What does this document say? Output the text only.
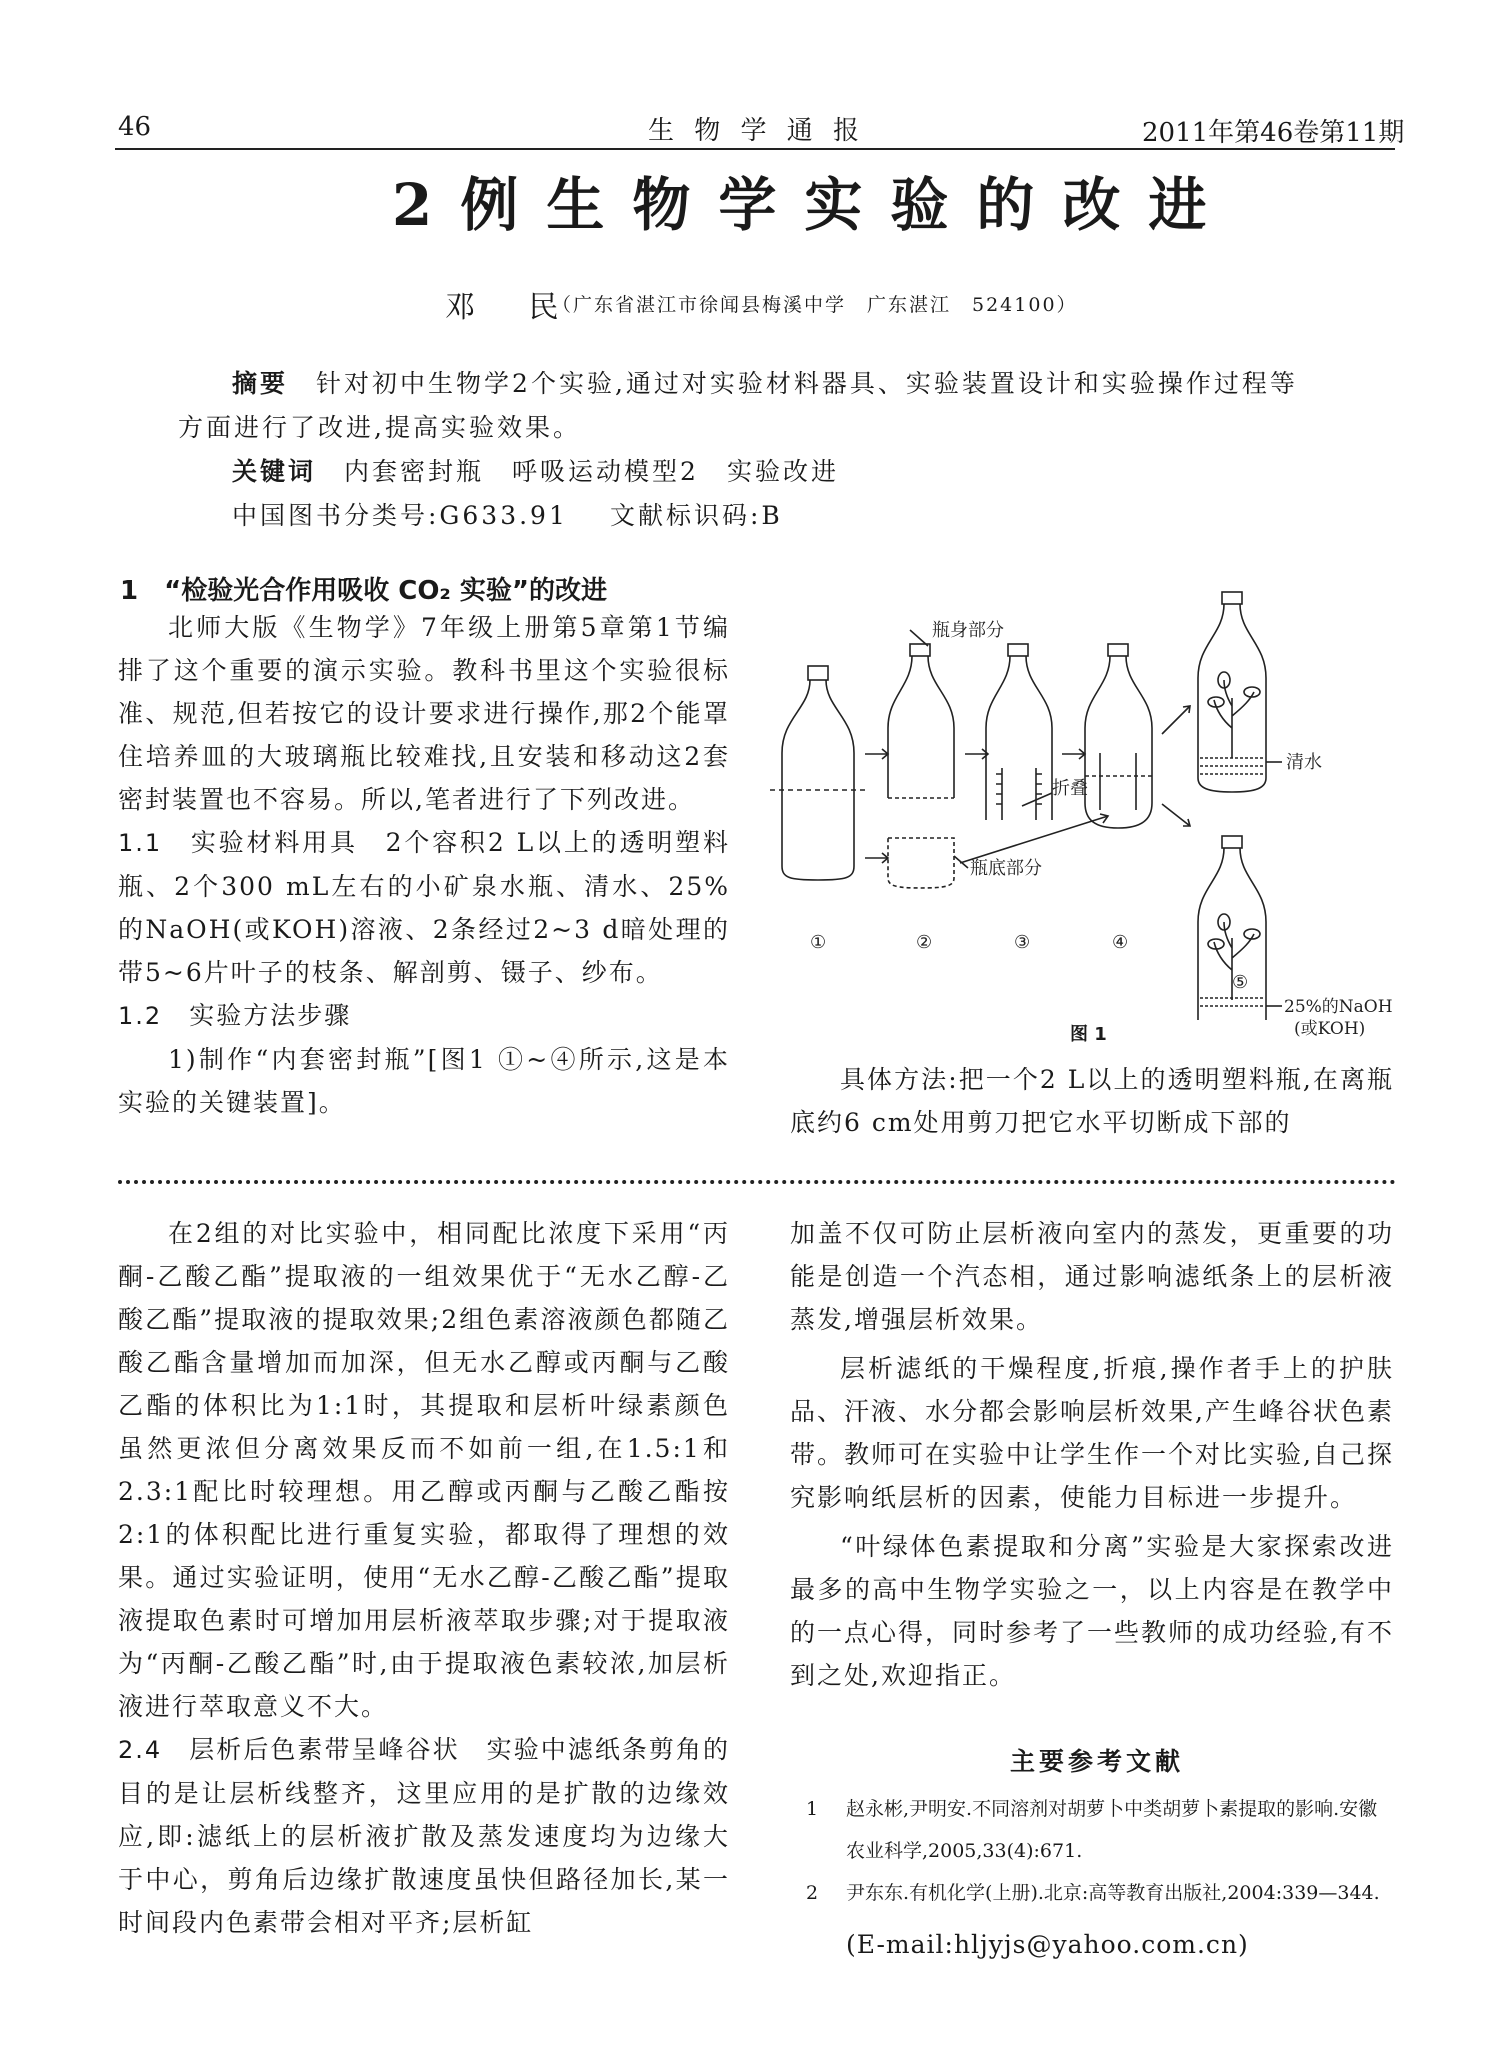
46	生 物 学 通 报	2011年第46卷第11期
2例生物学实验的改进
邓 民
（广东省湛江市徐闻县梅溪中学　广东湛江　524100）
摘要　 针对初中生物学2个实验,通过对实验材料器具、实验装置设计和实验操作过程等
方面进行了改进,提高实验效果。
关键词　 内套密封瓶　呼吸运动模型2　实验改进
中国图书分类号:G633.91 文献标识码:B
1　 “检验光合作用吸收 CO₂ 实验”的改进

北师大版《生物学》7年级上册第5章第1节编排了这个重要的演示实验。教科书里这个实验很标准、规范,但若按它的设计要求进行操作,那2个能罩住培养皿的大玻璃瓶比较难找,且安装和移动这2套密封装置也不容易。所以,笔者进行了下列改进。

1.1　 实验材料用具　2个容积2 L以上的透明塑料瓶、2个300 mL左右的小矿泉水瓶、清水、25%的NaOH(或KOH)溶液、2条经过2~3 d暗处理的带5~6片叶子的枝条、解剖剪、镊子、纱布。

1.2　 实验方法步骤

1)制作“内套密封瓶”[图1 ①~④所示,这是本实验的关键装置]。

瓶身部分
折叠
瓶底部分
清水
25%的NaOH
(或KOH)
①	②	③	④
⑤
图 1

具体方法:把一个2 L以上的透明塑料瓶,在离瓶底约6 cm处用剪刀把它水平切断成下部的

在2组的对比实验中，相同配比浓度下采用“丙酮-乙酸乙酯”提取液的一组效果优于“无水乙醇-乙酸乙酯”提取液的提取效果;2组色素溶液颜色都随乙酸乙酯含量增加而加深，但无水乙醇或丙酮与乙酸乙酯的体积比为1:1时，其提取和层析叶绿素颜色虽然更浓但分离效果反而不如前一组,在1.5:1和2.3:1配比时较理想。用乙醇或丙酮与乙酸乙酯按2:1的体积配比进行重复实验，都取得了理想的效果。通过实验证明，使用“无水乙醇-乙酸乙酯”提取液提取色素时可增加用层析液萃取步骤;对于提取液为“丙酮-乙酸乙酯”时,由于提取液色素较浓,加层析液进行萃取意义不大。

2.4　 层析后色素带呈峰谷状　实验中滤纸条剪角的目的是让层析线整齐，这里应用的是扩散的边缘效应,即:滤纸上的层析液扩散及蒸发速度均为边缘大于中心，剪角后边缘扩散速度虽快但路径加长,某一时间段内色素带会相对平齐;层析缸

加盖不仅可防止层析液向室内的蒸发，更重要的功能是创造一个汽态相，通过影响滤纸条上的层析液蒸发,增强层析效果。

层析滤纸的干燥程度,折痕,操作者手上的护肤品、汗液、水分都会影响层析效果,产生峰谷状色素带。教师可在实验中让学生作一个对比实验,自己探究影响纸层析的因素，使能力目标进一步提升。

“叶绿体色素提取和分离”实验是大家探索改进最多的高中生物学实验之一，以上内容是在教学中的一点心得，同时参考了一些教师的成功经验,有不到之处,欢迎指正。

主要参考文献
1	赵永彬,尹明安.不同溶剂对胡萝卜中类胡萝卜素提取的影响.安徽农业科学,2005,33(4):671.
2	尹东东.有机化学(上册).北京:高等教育出版社,2004:339—344.
(E-mail:hljyjs@yahoo.com.cn)
